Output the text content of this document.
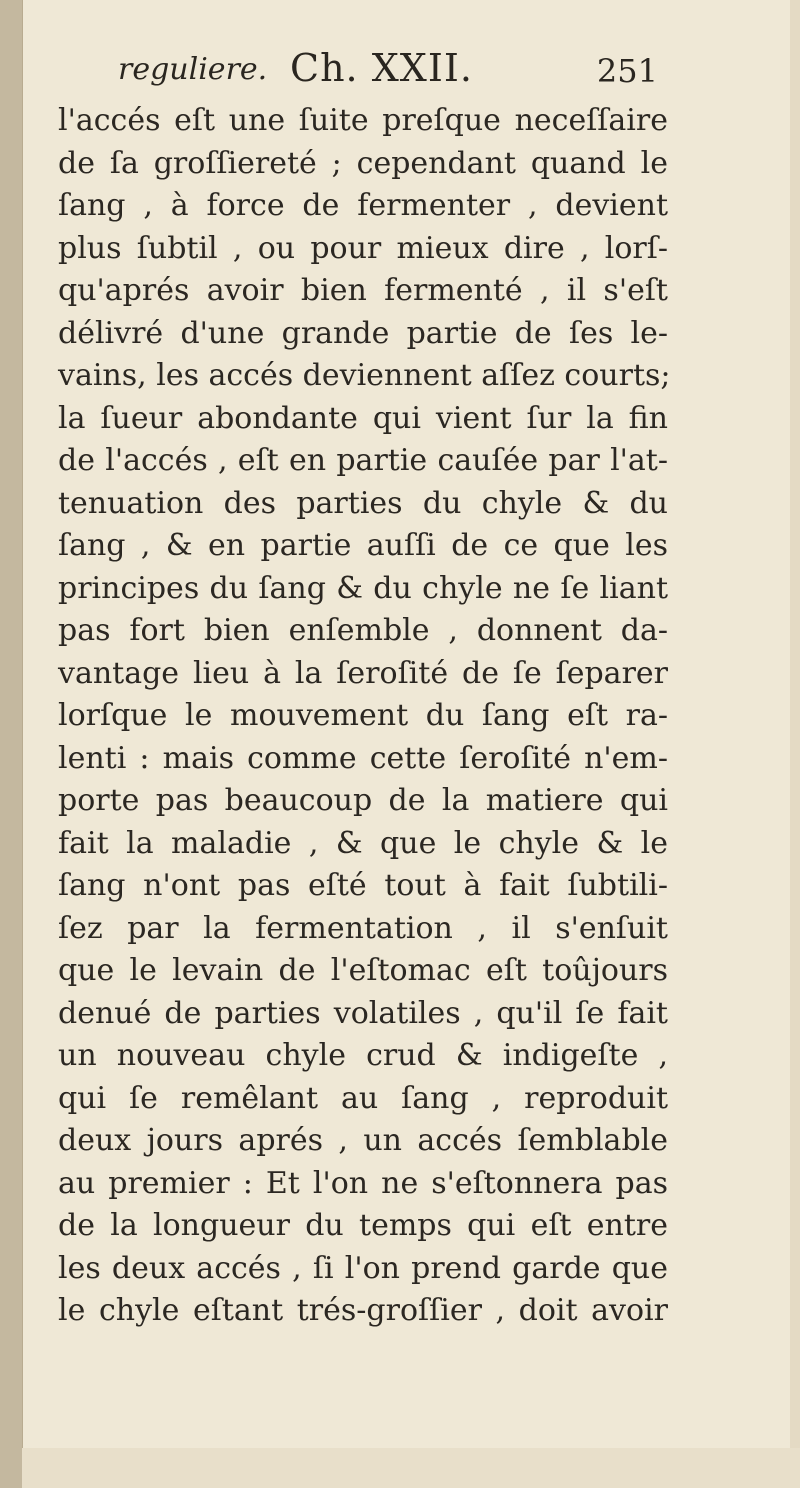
reguliere. Ch. XXII.	251
l'accés eſt une ſuite preſque neceſſaire
de ſa groſſiereté ; cependant quand le
ſang , à force de fermenter , devient
plus ſubtil , ou pour mieux dire , lorſ-
qu'aprés avoir bien fermenté , il s'eſt
délivré d'une grande partie de ſes le-
vains, les accés deviennent aſſez courts;
la ſueur abondante qui vient ſur la fin
de l'accés , eſt en partie cauſée par l'at-
tenuation des parties du chyle & du
ſang , & en partie auſſi de ce que les
principes du ſang & du chyle ne ſe liant
pas fort bien enſemble , donnent da-
vantage lieu à la ſeroſité de ſe ſeparer
lorſque le mouvement du ſang eſt ra-
lenti : mais comme cette ſeroſité n'em-
porte pas beaucoup de la matiere qui
fait la maladie , & que le chyle & le
ſang n'ont pas eſté tout à fait ſubtili-
ſez par la fermentation , il s'enſuit
que le levain de l'eſtomac eſt toûjours
denué de parties volatiles , qu'il ſe fait
un nouveau chyle crud & indigeſte ,
qui ſe remêlant au ſang , reproduit
deux jours aprés , un accés ſemblable
au premier : Et l'on ne s'eſtonnera pas
de la longueur du temps qui eſt entre
les deux accés , ſi l'on prend garde que
le chyle eſtant trés-groſſier , doit avoir
